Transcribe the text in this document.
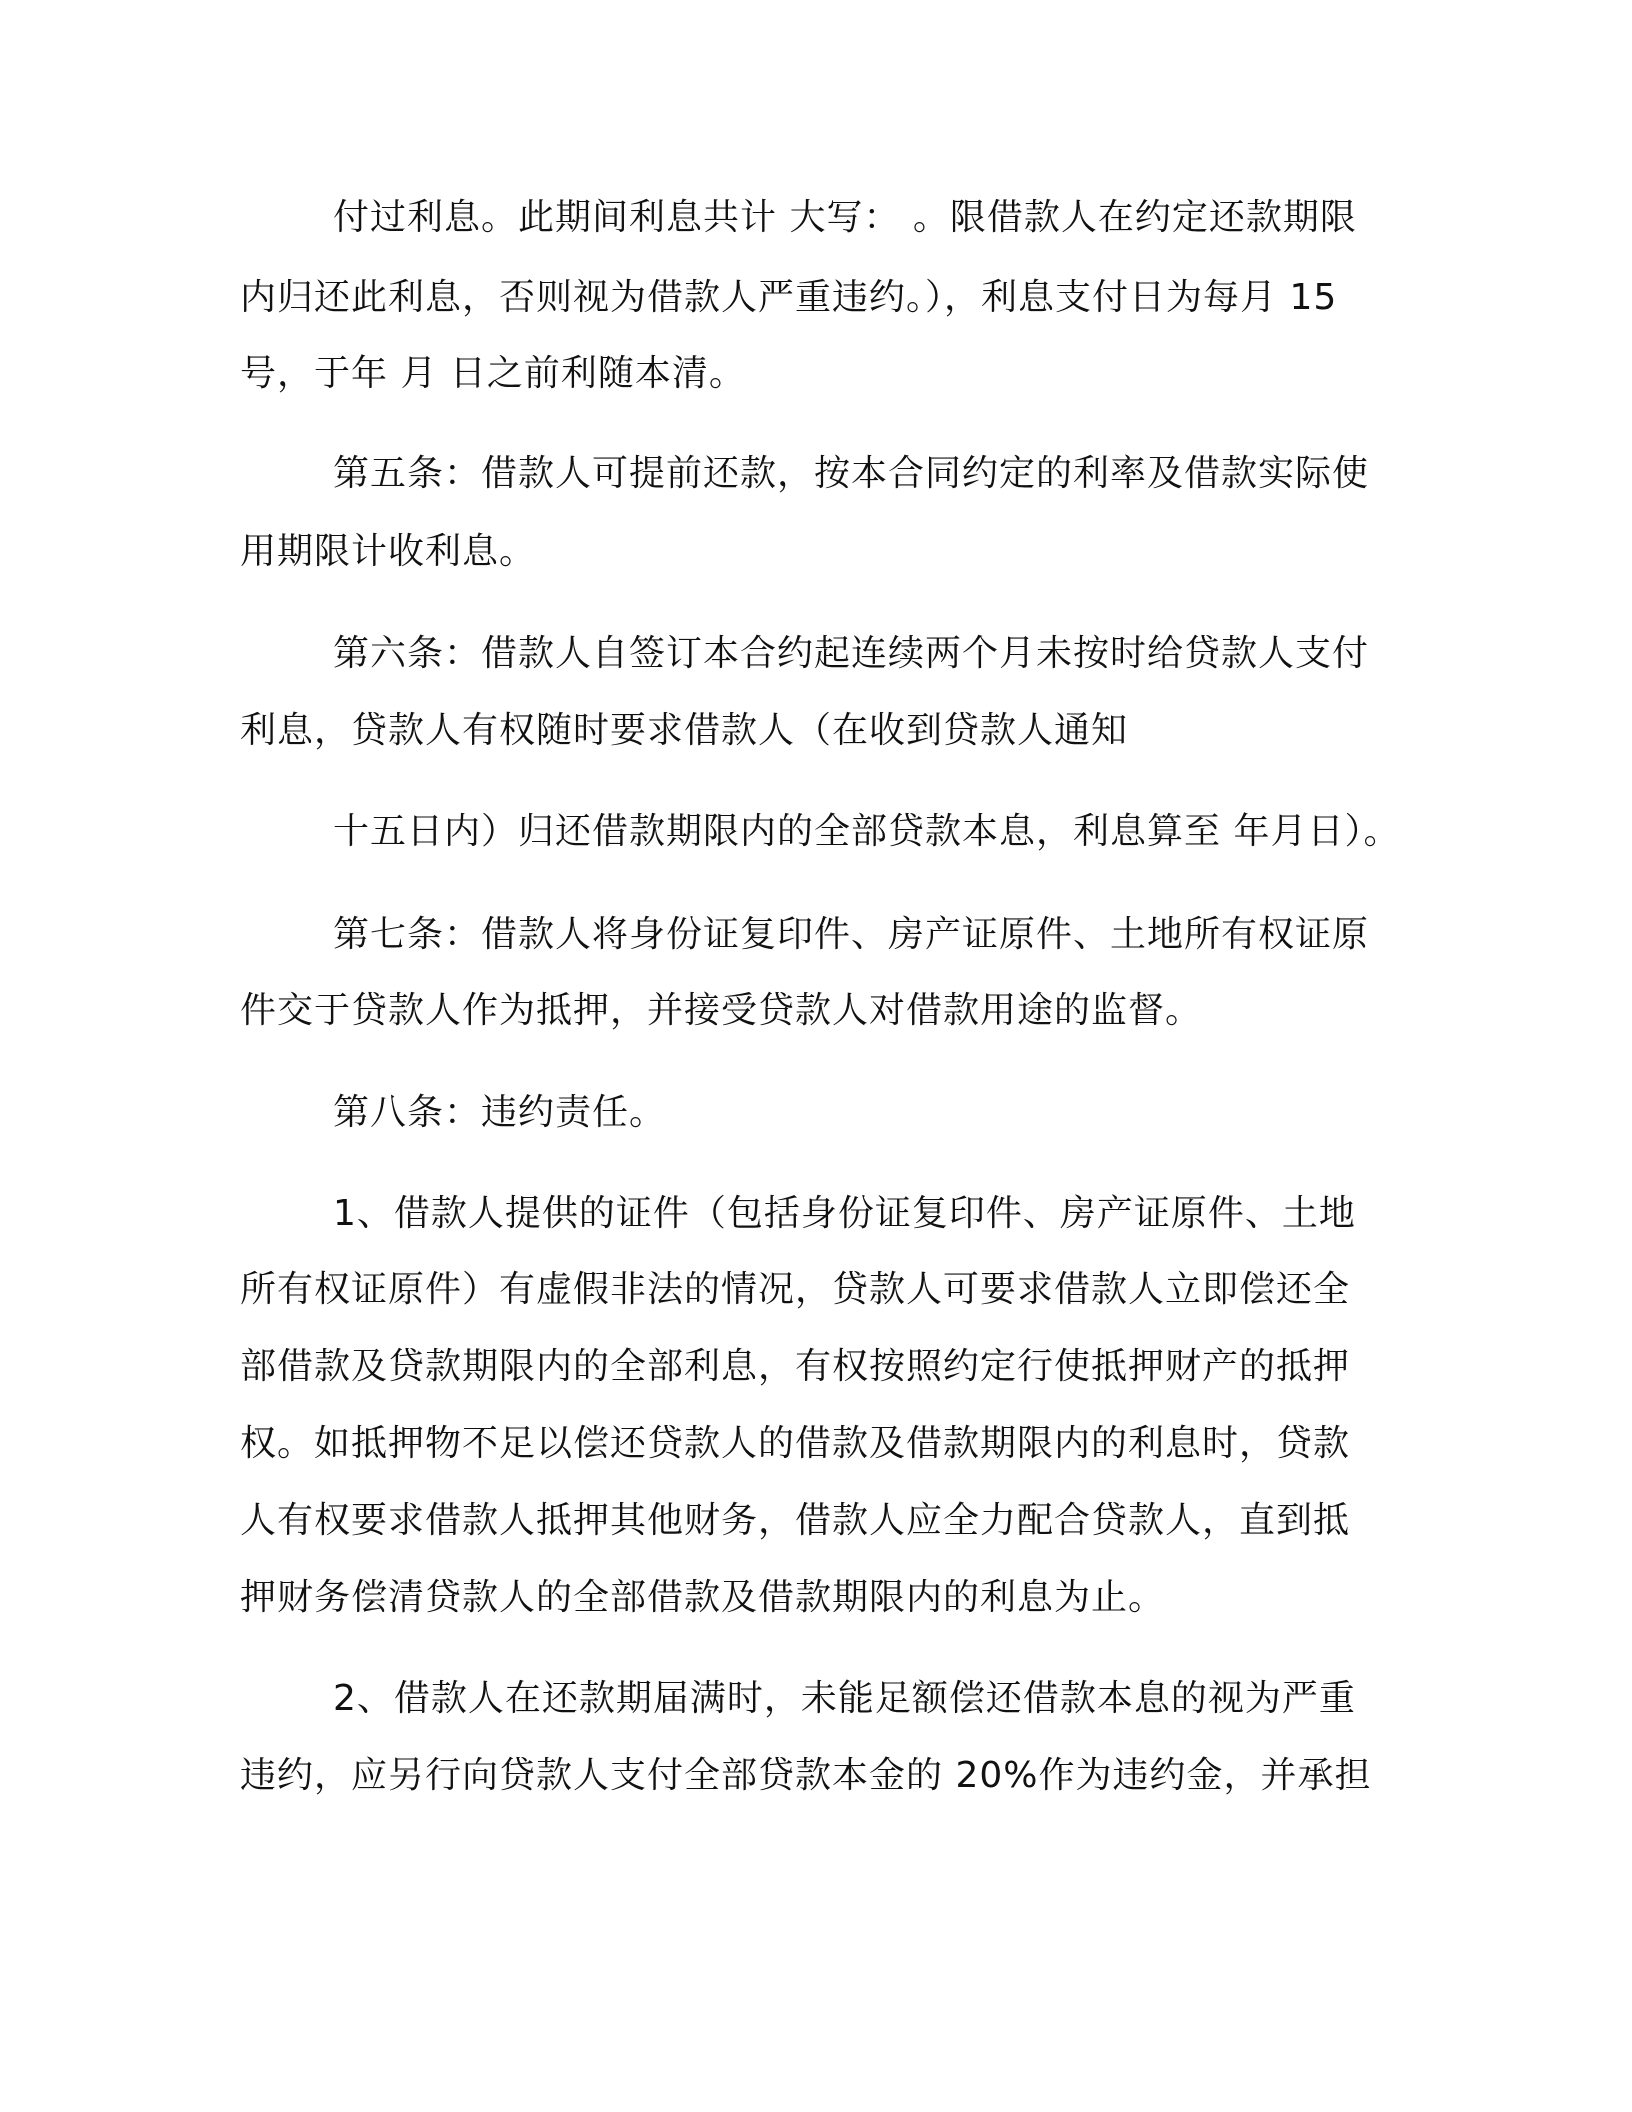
付过利息。此期间利息共计 大写： 。限借款人在约定还款期限
内归还此利息，否则视为借款人严重违约。），利息支付日为每月 15
号，于年 月 日之前利随本清。
第五条：借款人可提前还款，按本合同约定的利率及借款实际使
用期限计收利息。
第六条：借款人自签订本合约起连续两个月未按时给贷款人支付
利息，贷款人有权随时要求借款人（在收到贷款人通知
十五日内）归还借款期限内的全部贷款本息，利息算至 年月日）。
第七条：借款人将身份证复印件、房产证原件、土地所有权证原
件交于贷款人作为抵押，并接受贷款人对借款用途的监督。
第八条：违约责任。
1、借款人提供的证件（包括身份证复印件、房产证原件、土地
所有权证原件）有虚假非法的情况，贷款人可要求借款人立即偿还全
部借款及贷款期限内的全部利息，有权按照约定行使抵押财产的抵押
权。如抵押物不足以偿还贷款人的借款及借款期限内的利息时，贷款
人有权要求借款人抵押其他财务，借款人应全力配合贷款人，直到抵
押财务偿清贷款人的全部借款及借款期限内的利息为止。
2、借款人在还款期届满时，未能足额偿还借款本息的视为严重
违约，应另行向贷款人支付全部贷款本金的 20%作为违约金，并承担
